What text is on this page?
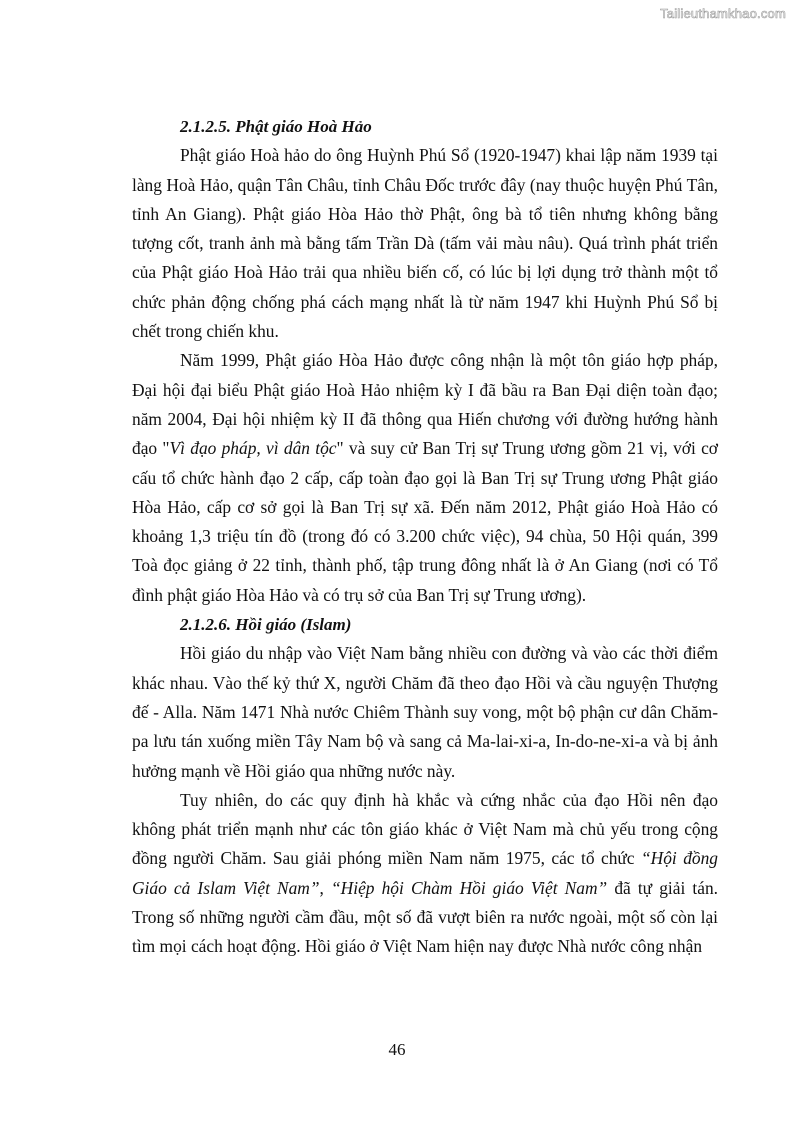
Tailieuthamkhao.com

2.1.2.5. Phật giáo Hoà Hảo

Phật giáo Hoà hảo do ông Huỳnh Phú Sổ (1920-1947) khai lập năm 1939 tại làng Hoà Hảo, quận Tân Châu, tỉnh Châu Đốc trước đây (nay thuộc huyện Phú Tân, tỉnh An Giang). Phật giáo Hòa Hảo thờ Phật, ông bà tổ tiên nhưng không bằng tượng cốt, tranh ảnh mà bằng tấm Trần Dà (tấm vải màu nâu). Quá trình phát triển của Phật giáo Hoà Hảo trải qua nhiều biến cố, có lúc bị lợi dụng trở thành một tổ chức phản động chống phá cách mạng nhất là từ năm 1947 khi Huỳnh Phú Sổ bị chết trong chiến khu.

Năm 1999, Phật giáo Hòa Hảo được công nhận là một tôn giáo hợp pháp, Đại hội đại biểu Phật giáo Hoà Hảo nhiệm kỳ I đã bầu ra Ban Đại diện toàn đạo; năm 2004, Đại hội nhiệm kỳ II đã thông qua Hiến chương với đường hướng hành đạo "Vì đạo pháp, vì dân tộc" và suy cử Ban Trị sự Trung ương gồm 21 vị, với cơ cấu tổ chức hành đạo 2 cấp, cấp toàn đạo gọi là Ban Trị sự Trung ương Phật giáo Hòa Hảo, cấp cơ sở gọi là Ban Trị sự xã. Đến năm 2012, Phật giáo Hoà Hảo có khoảng 1,3 triệu tín đồ (trong đó có 3.200 chức việc), 94 chùa, 50 Hội quán, 399 Toà đọc giảng ở 22 tỉnh, thành phố, tập trung đông nhất là ở An Giang (nơi có Tổ đình phật giáo Hòa Hảo và có trụ sở của Ban Trị sự Trung ương).

2.1.2.6. Hồi giáo (Islam)

Hồi giáo du nhập vào Việt Nam bằng nhiều con đường và vào các thời điểm khác nhau. Vào thế kỷ thứ X, người Chăm đã theo đạo Hồi và cầu nguyện Thượng đế - Alla. Năm 1471 Nhà nước Chiêm Thành suy vong, một bộ phận cư dân Chăm-pa lưu tán xuống miền Tây Nam bộ và sang cả Ma-lai-xi-a, In-do-ne-xi-a và bị ảnh hưởng mạnh về Hồi giáo qua những nước này.

Tuy nhiên, do các quy định hà khắc và cứng nhắc của đạo Hồi nên đạo không phát triển mạnh như các tôn giáo khác ở Việt Nam mà chủ yếu trong cộng đồng người Chăm. Sau giải phóng miền Nam năm 1975, các tổ chức “Hội đồng Giáo cả Islam Việt Nam”, “Hiệp hội Chàm Hồi giáo Việt Nam” đã tự giải tán. Trong số những người cầm đầu, một số đã vượt biên ra nước ngoài, một số còn lại tìm mọi cách hoạt động. Hồi giáo ở Việt Nam hiện nay được Nhà nước công nhận

46
